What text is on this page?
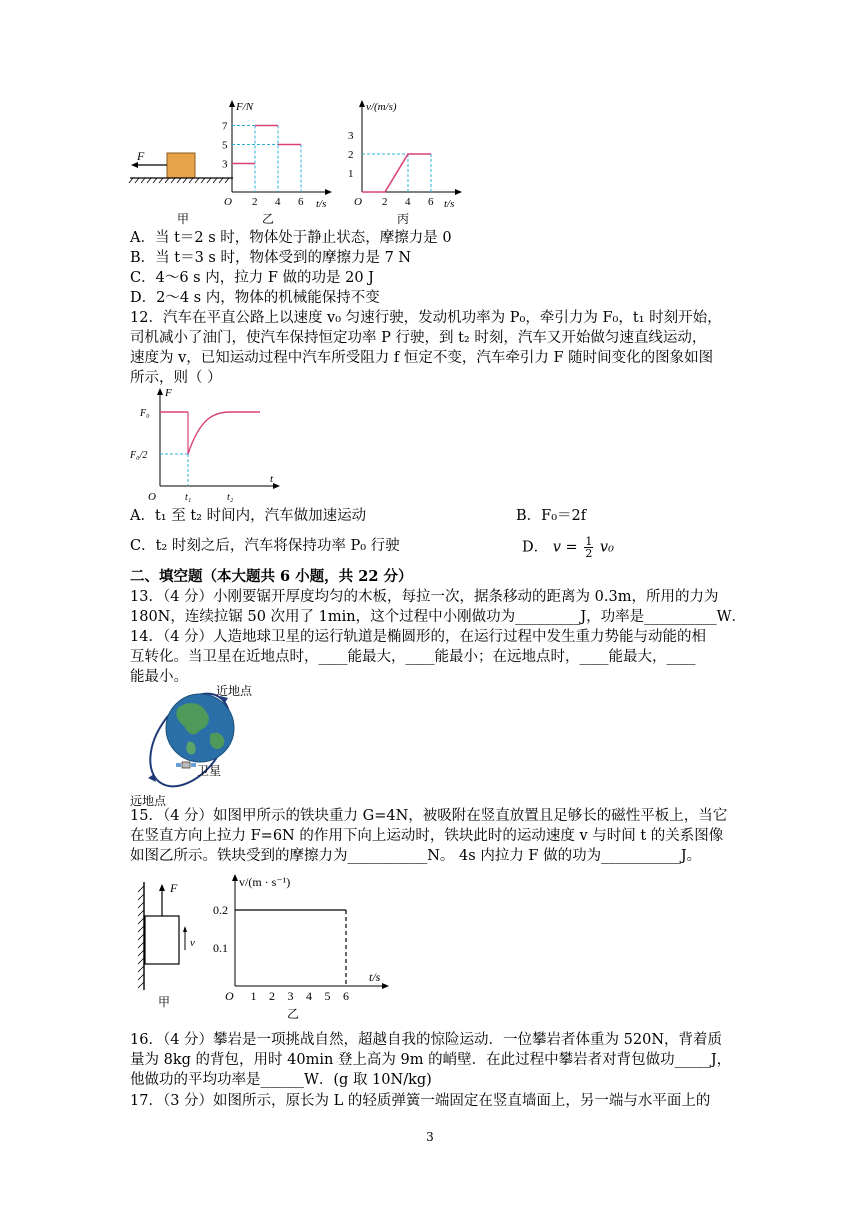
F
甲
F/N
t/s
O
3
5
7
2 4 6
乙
v/(m/s)
t/s
O
1
2
3
2 4 6
丙
A．当 t＝2 s 时，物体处于静止状态，摩擦力是 0
B．当 t＝3 s 时，物体受到的摩擦力是 7 N
C．4～6 s 内，拉力 F 做的功是 20 J
D．2～4 s 内，物体的机械能保持不变
12．汽车在平直公路上以速度 v₀ 匀速行驶，发动机功率为 P₀，牵引力为 F₀，t₁ 时刻开始，
司机减小了油门，使汽车保持恒定功率 P 行驶，到 t₂ 时刻，汽车又开始做匀速直线运动，
速度为 v，已知运动过程中汽车所受阻力 f 恒定不变，汽车牵引力 F 随时间变化的图象如图
所示，则（ ）
F
t
O
F₀
F₀/2
t₁	t₂
A．t₁ 至 t₂ 时间内，汽车做加速运动	B．F₀＝2f
C．t₂ 时刻之后，汽车将保持功率 P₀ 行驶	D． $v = \frac{1}{2} v_0$
二、填空题（本大题共 6 小题，共 22 分）
13．（4 分）小刚要锯开厚度均匀的木板，每拉一次，据条移动的距离为 0.3m，所用的力为
180N，连续拉锯 50 次用了 1min，这个过程中小刚做功为_________J，功率是__________W．
14．（4 分）人造地球卫星的运行轨道是椭圆形的，在运行过程中发生重力势能与动能的相
互转化。当卫星在近地点时，____能最大，____能最小；在远地点时，____能最大，____
能最小。
近地点
卫星
远地点
15．（4 分）如图甲所示的铁块重力 G=4N，被吸附在竖直放置且足够长的磁性平板上，当它
在竖直方向上拉力 F=6N 的作用下向上运动时，铁块此时的运动速度 v 与时间 t 的关系图像
如图乙所示。铁块受到的摩擦力为___________N。 4s 内拉力 F 做的功为___________J。
F
v
甲
v/(m · s⁻¹)
t/s
O
0.2
0.1
1 2 3 4 5 6
乙
16．（4 分）攀岩是一项挑战自然，超越自我的惊险运动．一位攀岩者体重为 520N，背着质
量为 8kg 的背包，用时 40min 登上高为 9m 的峭壁．在此过程中攀岩者对背包做功_____J，
他做功的平均功率是______W．(g 取 10N/kg)
17．（3 分）如图所示，原长为 L 的轻质弹簧一端固定在竖直墙面上，另一端与水平面上的
3
